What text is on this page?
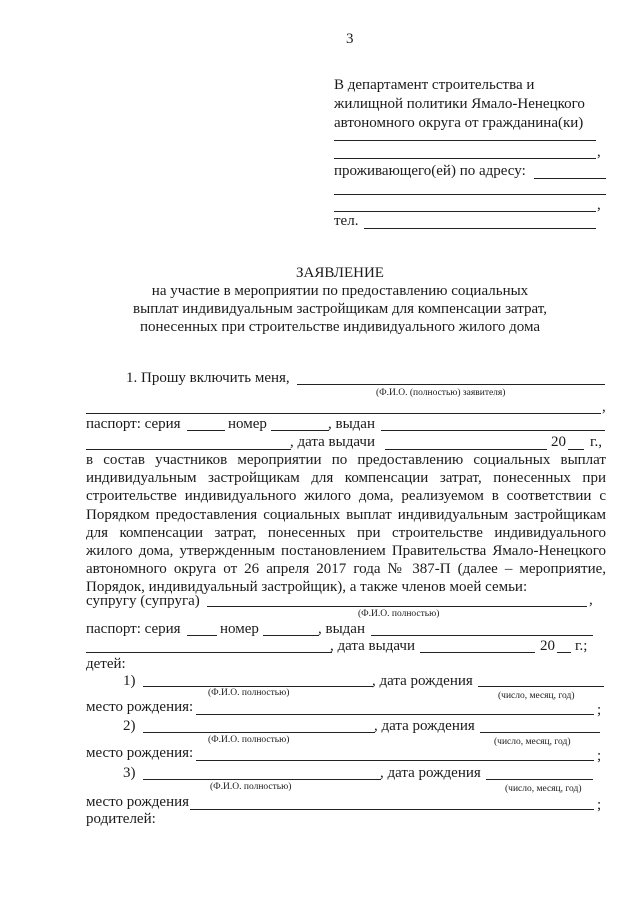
3
В департамент строительства и
жилищной политики Ямало-Ненецкого
автономного округа от гражданина(ки)
,
проживающего(ей) по адресу:
,
тел.
ЗАЯВЛЕНИЕ
на участие в мероприятии по предоставлению социальных
выплат индивидуальным застройщикам для компенсации затрат,
понесенных при строительстве индивидуального жилого дома
1. Прошу включить меня,
(Ф.И.О. (полностью) заявителя)
,
паспорт: серия	номер	, выдан
, дата выдачи	20 г.,
в состав участников мероприятии по предоставлению социальных выплат
индивидуальным застройщикам для компенсации затрат, понесенных при
строительстве индивидуального жилого дома, реализуемом в соответствии с
Порядком предоставления социальных выплат индивидуальным застройщикам
для компенсации затрат, понесенных при строительстве индивидуального
жилого дома, утвержденным постановлением Правительства Ямало-Ненецкого
автономного округа от 26 апреля 2017 года № 387-П (далее – мероприятие,
Порядок, индивидуальный застройщик), а также членов моей семьи:
супругу (супруга)	,
(Ф.И.О. полностью)
паспорт: серия	номер	, выдан
, дата выдачи	20 г.;
детей:
1)	, дата рождения
(Ф.И.О. полностью)	(число, месяц, год)
место рождения:	;
2)	, дата рождения
(Ф.И.О. полностью)	(число, месяц, год)
место рождения:	;
3)	, дата рождения
(Ф.И.О. полностью)	(число, месяц, год)
место рождения	;
родителей:
